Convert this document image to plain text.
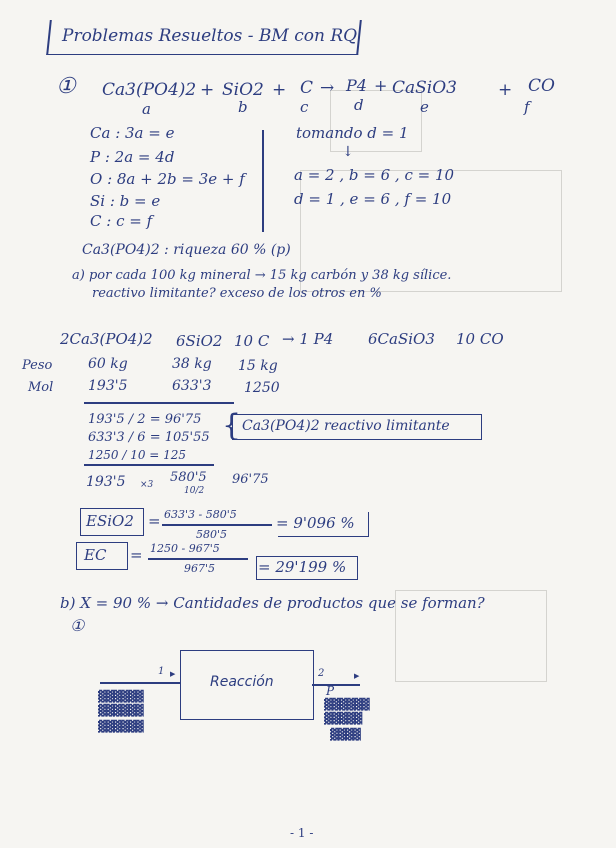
Problemas Resueltos - BM con RQ
① Ca3(PO4)2 + SiO2 + C → P4 + CaSiO3 + CO
a	b	c	d	e	f
Ca : 3a = e
P : 2a = 4d
O : 8a + 2b = 3e + f
Si : b = e
C : c = f
tomando d = 1
↓
a = 2 , b = 6 , c = 10
d = 1 , e = 6 , f = 10
Ca3(PO4)2 : riqueza 60 % (p)
a) por cada 100 kg mineral → 15 kg carbón y 38 kg sílice.
reactivo limitante? exceso de los otros en %
2Ca3(PO4)2 6SiO2 10 C → 1 P4 6CaSiO3 10 CO
Peso
Mol
60 kg	38 kg 15 kg
193'5	633'3 1250
193'5 / 2 = 96'75
633'3 / 6 = 105'55
1250 / 10 = 125
{ Ca3(PO4)2 reactivo limitante
193'5 ×3 580'5
10/2
96'75
ESiO2 = 633'3 - 580'5
580'5
= 9'096 %
EC = 1250 - 967'5
967'5	= 29'199 %
b) X = 90 % → Cantidades de productos que se forman?
①
Reacción
▶
1	▶
2
P
▓▓▓▓▓▓
▓▓▓▓▓▓
▓▓▓▓▓▓
▓▓▓▓▓▓
▓▓▓▓▓
▓▓▓▓
- 1 -
